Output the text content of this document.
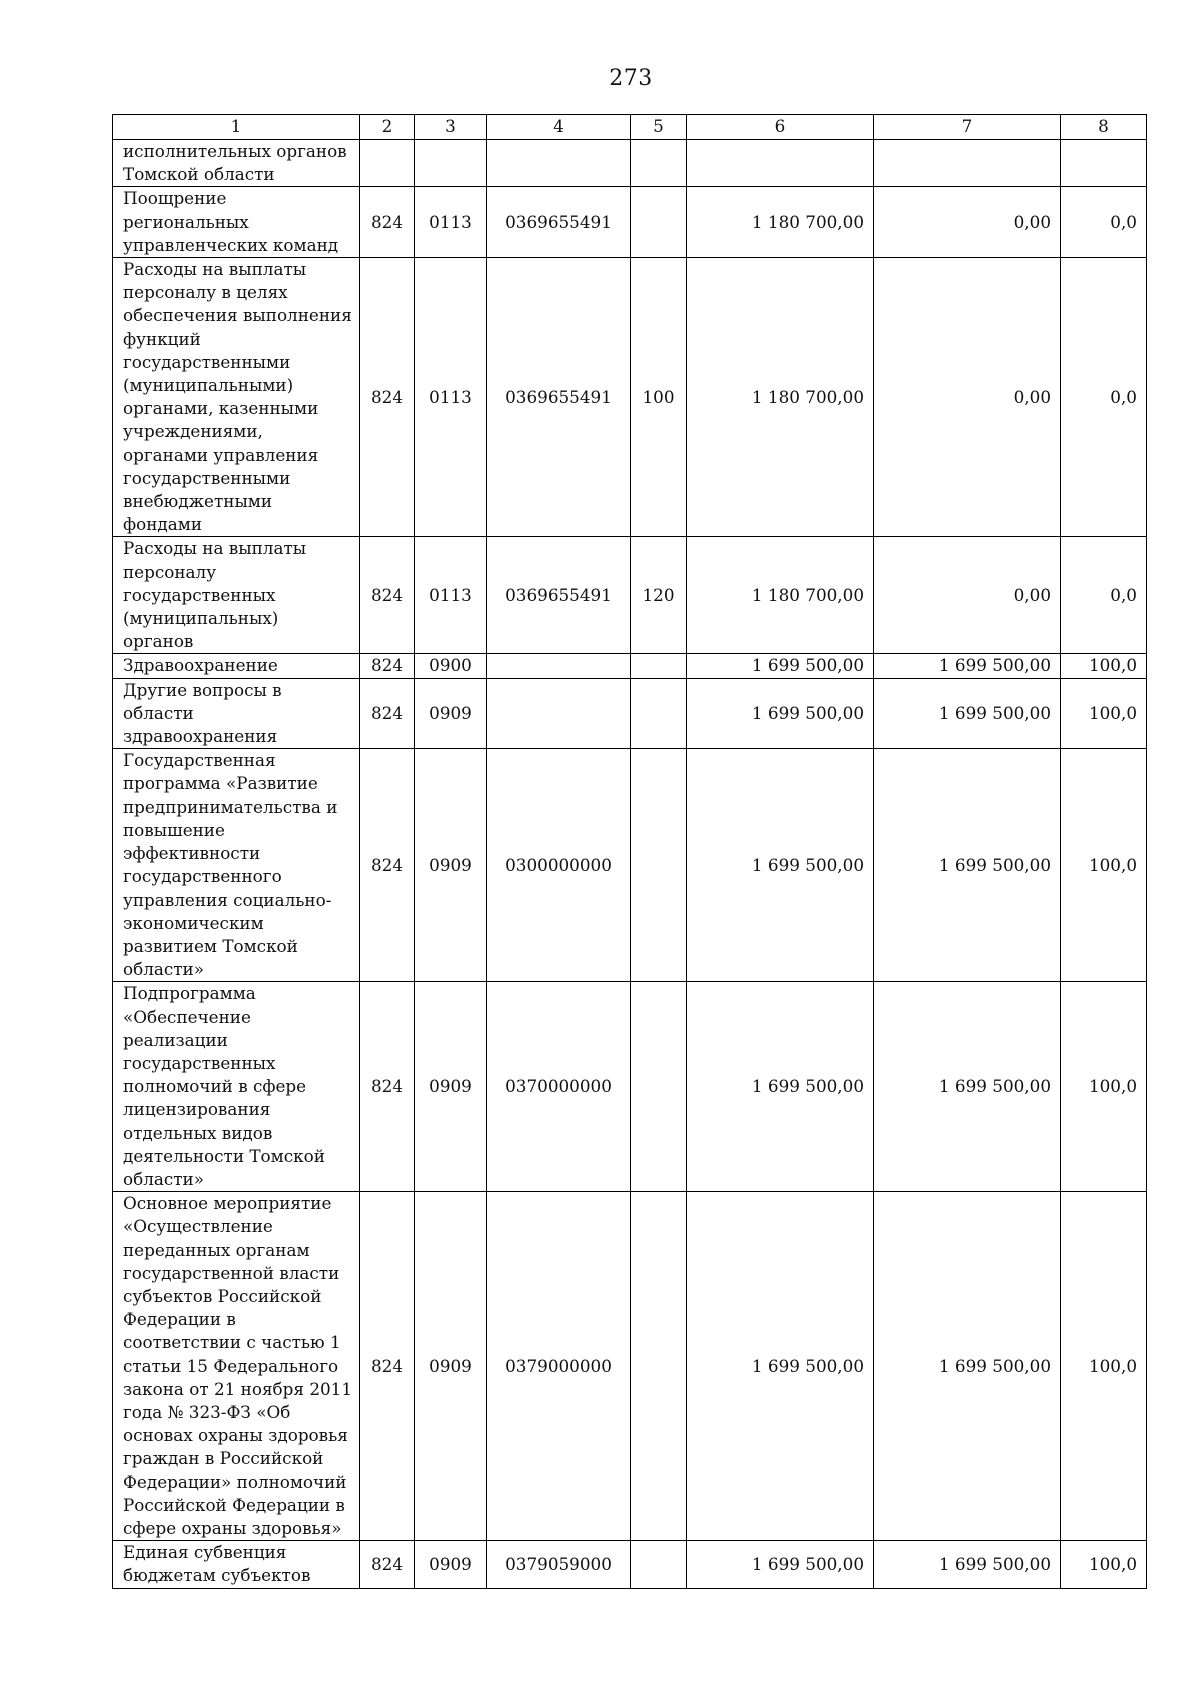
273
1	2	3	4	5	6	7	8
исполнительных органов Томской области							
Поощрение региональных управленческих команд	824	0113	0369655491		1 180 700,00	0,00	0,0
Расходы на выплаты персоналу в целях обеспечения выполнения функций государственными (муниципальными) органами, казенными учреждениями, органами управления государственными внебюджетными фондами	824	0113	0369655491	100	1 180 700,00	0,00	0,0
Расходы на выплаты персоналу государственных (муниципальных) органов	824	0113	0369655491	120	1 180 700,00	0,00	0,0
Здравоохранение	824	0900			1 699 500,00	1 699 500,00	100,0
Другие вопросы в области здравоохранения	824	0909			1 699 500,00	1 699 500,00	100,0
Государственная программа «Развитие предпринимательства и повышение эффективности государственного управления социально-экономическим развитием Томской области»	824	0909	0300000000		1 699 500,00	1 699 500,00	100,0
Подпрограмма «Обеспечение реализации государственных полномочий в сфере лицензирования отдельных видов деятельности Томской области»	824	0909	0370000000		1 699 500,00	1 699 500,00	100,0
Основное мероприятие «Осуществление переданных органам государственной власти субъектов Российской Федерации в соответствии с частью 1 статьи 15 Федерального закона от 21 ноября 2011 года № 323-ФЗ «Об основах охраны здоровья граждан в Российской Федерации» полномочий Российской Федерации в сфере охраны здоровья»	824	0909	0379000000		1 699 500,00	1 699 500,00	100,0
Единая субвенция бюджетам субъектов	824	0909	0379059000		1 699 500,00	1 699 500,00	100,0
